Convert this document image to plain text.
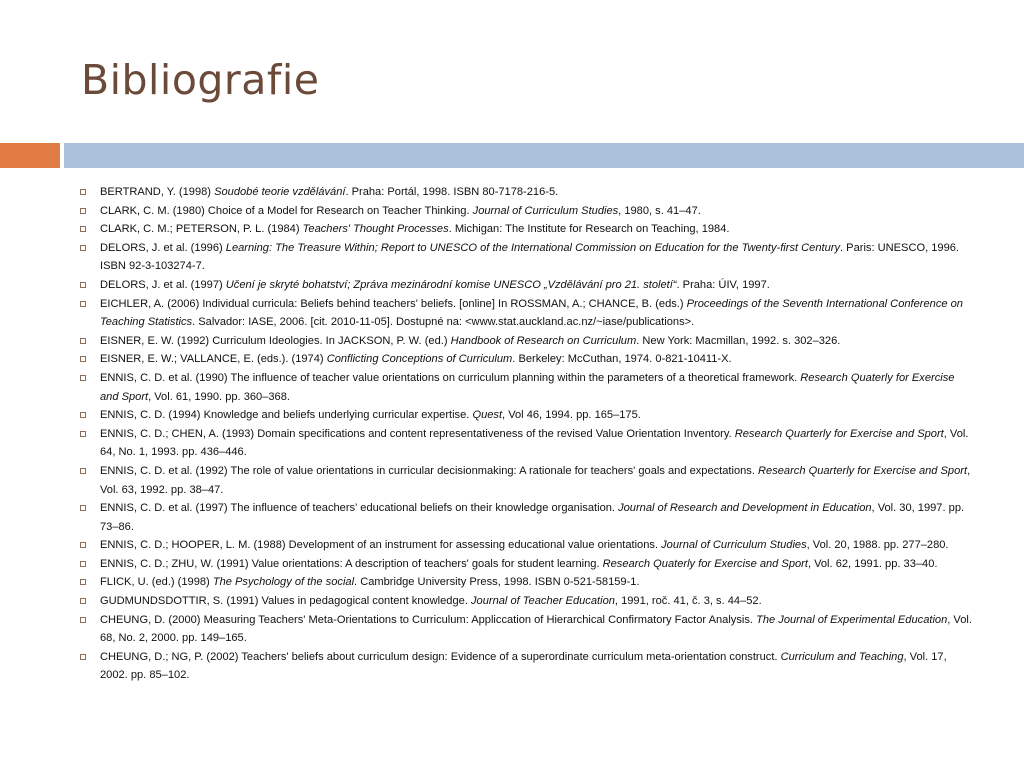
Bibliografie
BERTRAND, Y. (1998) Soudobé teorie vzdělávání. Praha: Portál, 1998. ISBN 80-7178-216-5.
CLARK, C. M. (1980) Choice of a Model for Research on Teacher Thinking. Journal of Curriculum Studies, 1980, s. 41–47.
CLARK, C. M.; PETERSON, P. L. (1984) Teachers' Thought Processes. Michigan: The Institute for Research on Teaching, 1984.
DELORS, J. et al. (1996) Learning: The Treasure Within; Report to UNESCO of the International Commission on Education for the Twenty-first Century. Paris: UNESCO, 1996. ISBN 92-3-103274-7.
DELORS, J. et al. (1997) Učení je skryté bohatství; Zpráva mezinárodní komise UNESCO „Vzdělávání pro 21. století“. Praha: ÚIV, 1997.
EICHLER, A. (2006) Individual curricula: Beliefs behind teachers' beliefs. [online] In ROSSMAN, A.; CHANCE, B. (eds.) Proceedings of the Seventh International Conference on Teaching Statistics. Salvador: IASE, 2006. [cit. 2010-11-05]. Dostupné na: <www.stat.auckland.ac.nz/~iase/publications>.
EISNER, E. W. (1992) Curriculum Ideologies. In JACKSON, P. W. (ed.) Handbook of Research on Curriculum. New York: Macmillan, 1992. s. 302–326.
EISNER, E. W.; VALLANCE, E. (eds.). (1974) Conflicting Conceptions of Curriculum. Berkeley: McCuthan, 1974. 0-821-10411-X.
ENNIS, C. D. et al. (1990) The influence of teacher value orientations on curriculum planning within the parameters of a theoretical framework. Research Quaterly for Exercise and Sport, Vol. 61, 1990. pp. 360–368.
ENNIS, C. D. (1994) Knowledge and beliefs underlying curricular expertise. Quest, Vol 46, 1994. pp. 165–175.
ENNIS, C. D.; CHEN, A. (1993) Domain specifications and content representativeness of the revised Value Orientation Inventory. Research Quarterly for Exercise and Sport, Vol. 64, No. 1, 1993. pp. 436–446.
ENNIS, C. D. et al. (1992) The role of value orientations in curricular decisionmaking: A rationale for teachers' goals and expectations. Research Quarterly for Exercise and Sport, Vol. 63, 1992. pp. 38–47.
ENNIS, C. D. et al. (1997) The influence of teachers' educational beliefs on their knowledge organisation. Journal of Research and Development in Education, Vol. 30, 1997. pp. 73–86.
ENNIS, C. D.; HOOPER, L. M. (1988) Development of an instrument for assessing educational value orientations. Journal of Curriculum Studies, Vol. 20, 1988. pp. 277–280.
ENNIS, C. D.; ZHU, W. (1991) Value orientations: A description of teachers' goals for student learning. Research Quaterly for Exercise and Sport, Vol. 62, 1991. pp. 33–40.
FLICK, U. (ed.) (1998) The Psychology of the social. Cambridge University Press, 1998. ISBN 0-521-58159-1.
GUDMUNDSDOTTIR, S. (1991) Values in pedagogical content knowledge. Journal of Teacher Education, 1991, roč. 41, č. 3, s. 44–52.
CHEUNG, D. (2000) Measuring Teachers' Meta-Orientations to Curriculum: Appliccation of Hierarchical Confirmatory Factor Analysis. The Journal of Experimental Education, Vol. 68, No. 2, 2000. pp. 149–165.
CHEUNG, D.; NG, P. (2002) Teachers' beliefs about curriculum design: Evidence of a superordinate curriculum meta-orientation construct. Curriculum and Teaching, Vol. 17, 2002. pp. 85–102.
